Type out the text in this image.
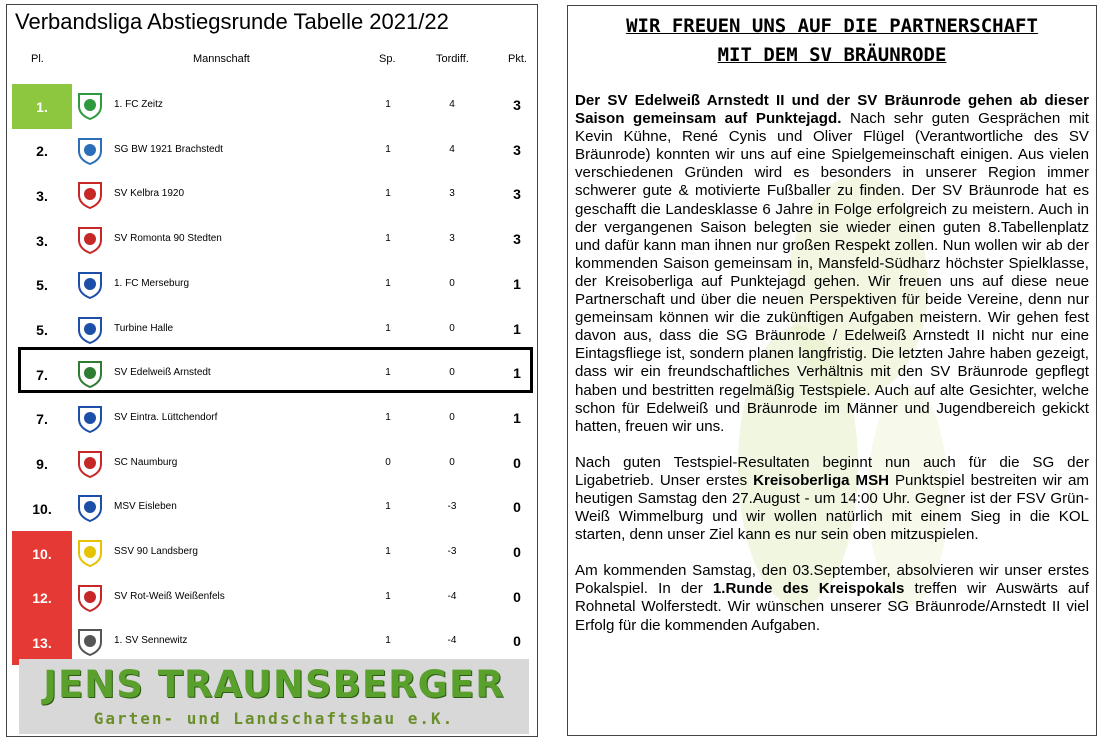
Verbandsliga Abstiegsrunde Tabelle 2021/22
Pl.	Mannschaft	Sp.	Tordiff.	Pkt.
1.	1. FC Zeitz	1	4	3
2.	SG BW 1921 Brachstedt	1	4	3
3.	SV Kelbra 1920	1	3	3
3.	SV Romonta 90 Stedten	1	3	3
5.	1. FC Merseburg	1	0	1
5.	Turbine Halle	1	0	1
7.	SV Edelweiß Arnstedt	1	0	1
7.	SV Eintra. Lüttchendorf	1	0	1
9.	SC Naumburg	0	0	0
10.	MSV Eisleben	1	-3	0
10.	SSV 90 Landsberg	1	-3	0
12.	SV Rot-Weiß Weißenfels	1	-4	0
13.	1. SV Sennewitz	1	-4	0
JENS TRAUNSBERGER
Garten- und Landschaftsbau e.K.
WIR FREUEN UNS AUF DIE PARTNERSCHAFT
MIT DEM SV BRÄUNRODE

Der SV Edelweiß Arnstedt II und der SV Bräunrode gehen ab dieser Saison gemeinsam auf Punktejagd. Nach sehr guten Gesprächen mit Kevin Kühne, René Cynis und Oliver Flügel (Verantwortliche des SV Bräunrode) konnten wir uns auf eine Spielgemeinschaft einigen. Aus vielen verschiedenen Gründen wird es besonders in unserer Region immer schwerer gute & motivierte Fußballer zu finden. Der SV Bräunrode hat es geschafft die Landesklasse 6 Jahre in Folge erfolgreich zu meistern. Auch in der vergangenen Saison belegten sie wieder einen guten 8.Tabellenplatz und dafür kann man ihnen nur großen Respekt zollen. Nun wollen wir ab der kommenden Saison gemeinsam in, Mansfeld-Südharz höchster Spielklasse, der Kreisoberliga auf Punktejagd gehen. Wir freuen uns auf diese neue Partnerschaft und über die neuen Perspektiven für beide Vereine, denn nur gemeinsam können wir die zukünftigen Aufgaben meistern. Wir gehen fest davon aus, dass die SG Bräunrode / Edelweiß Arnstedt II nicht nur eine Eintagsfliege ist, sondern planen langfristig. Die letzten Jahre haben gezeigt, dass wir ein freundschaftliches Verhältnis mit den SV Bräunrode gepflegt haben und bestritten regelmäßig Testspiele. Auch auf alte Gesichter, welche schon für Edelweiß und Bräunrode im Männer und Jugendbereich gekickt hatten, freuen wir uns.

Nach guten Testspiel-Resultaten beginnt nun auch für die SG der Ligabetrieb. Unser erstes Kreisoberliga MSH Punktspiel bestreiten wir am heutigen Samstag den 27.August - um 14:00 Uhr. Gegner ist der FSV Grün-Weiß Wimmelburg und wir wollen natürlich mit einem Sieg in die KOL starten, denn unser Ziel kann es nur sein oben mitzuspielen.

Am kommenden Samstag, den 03.September, absolvieren wir unser erstes Pokalspiel. In der 1.Runde des Kreispokals treffen wir Auswärts auf Rohnetal Wolferstedt. Wir wünschen unserer SG Bräunrode/Arnstedt II viel Erfolg für die kommenden Aufgaben.
